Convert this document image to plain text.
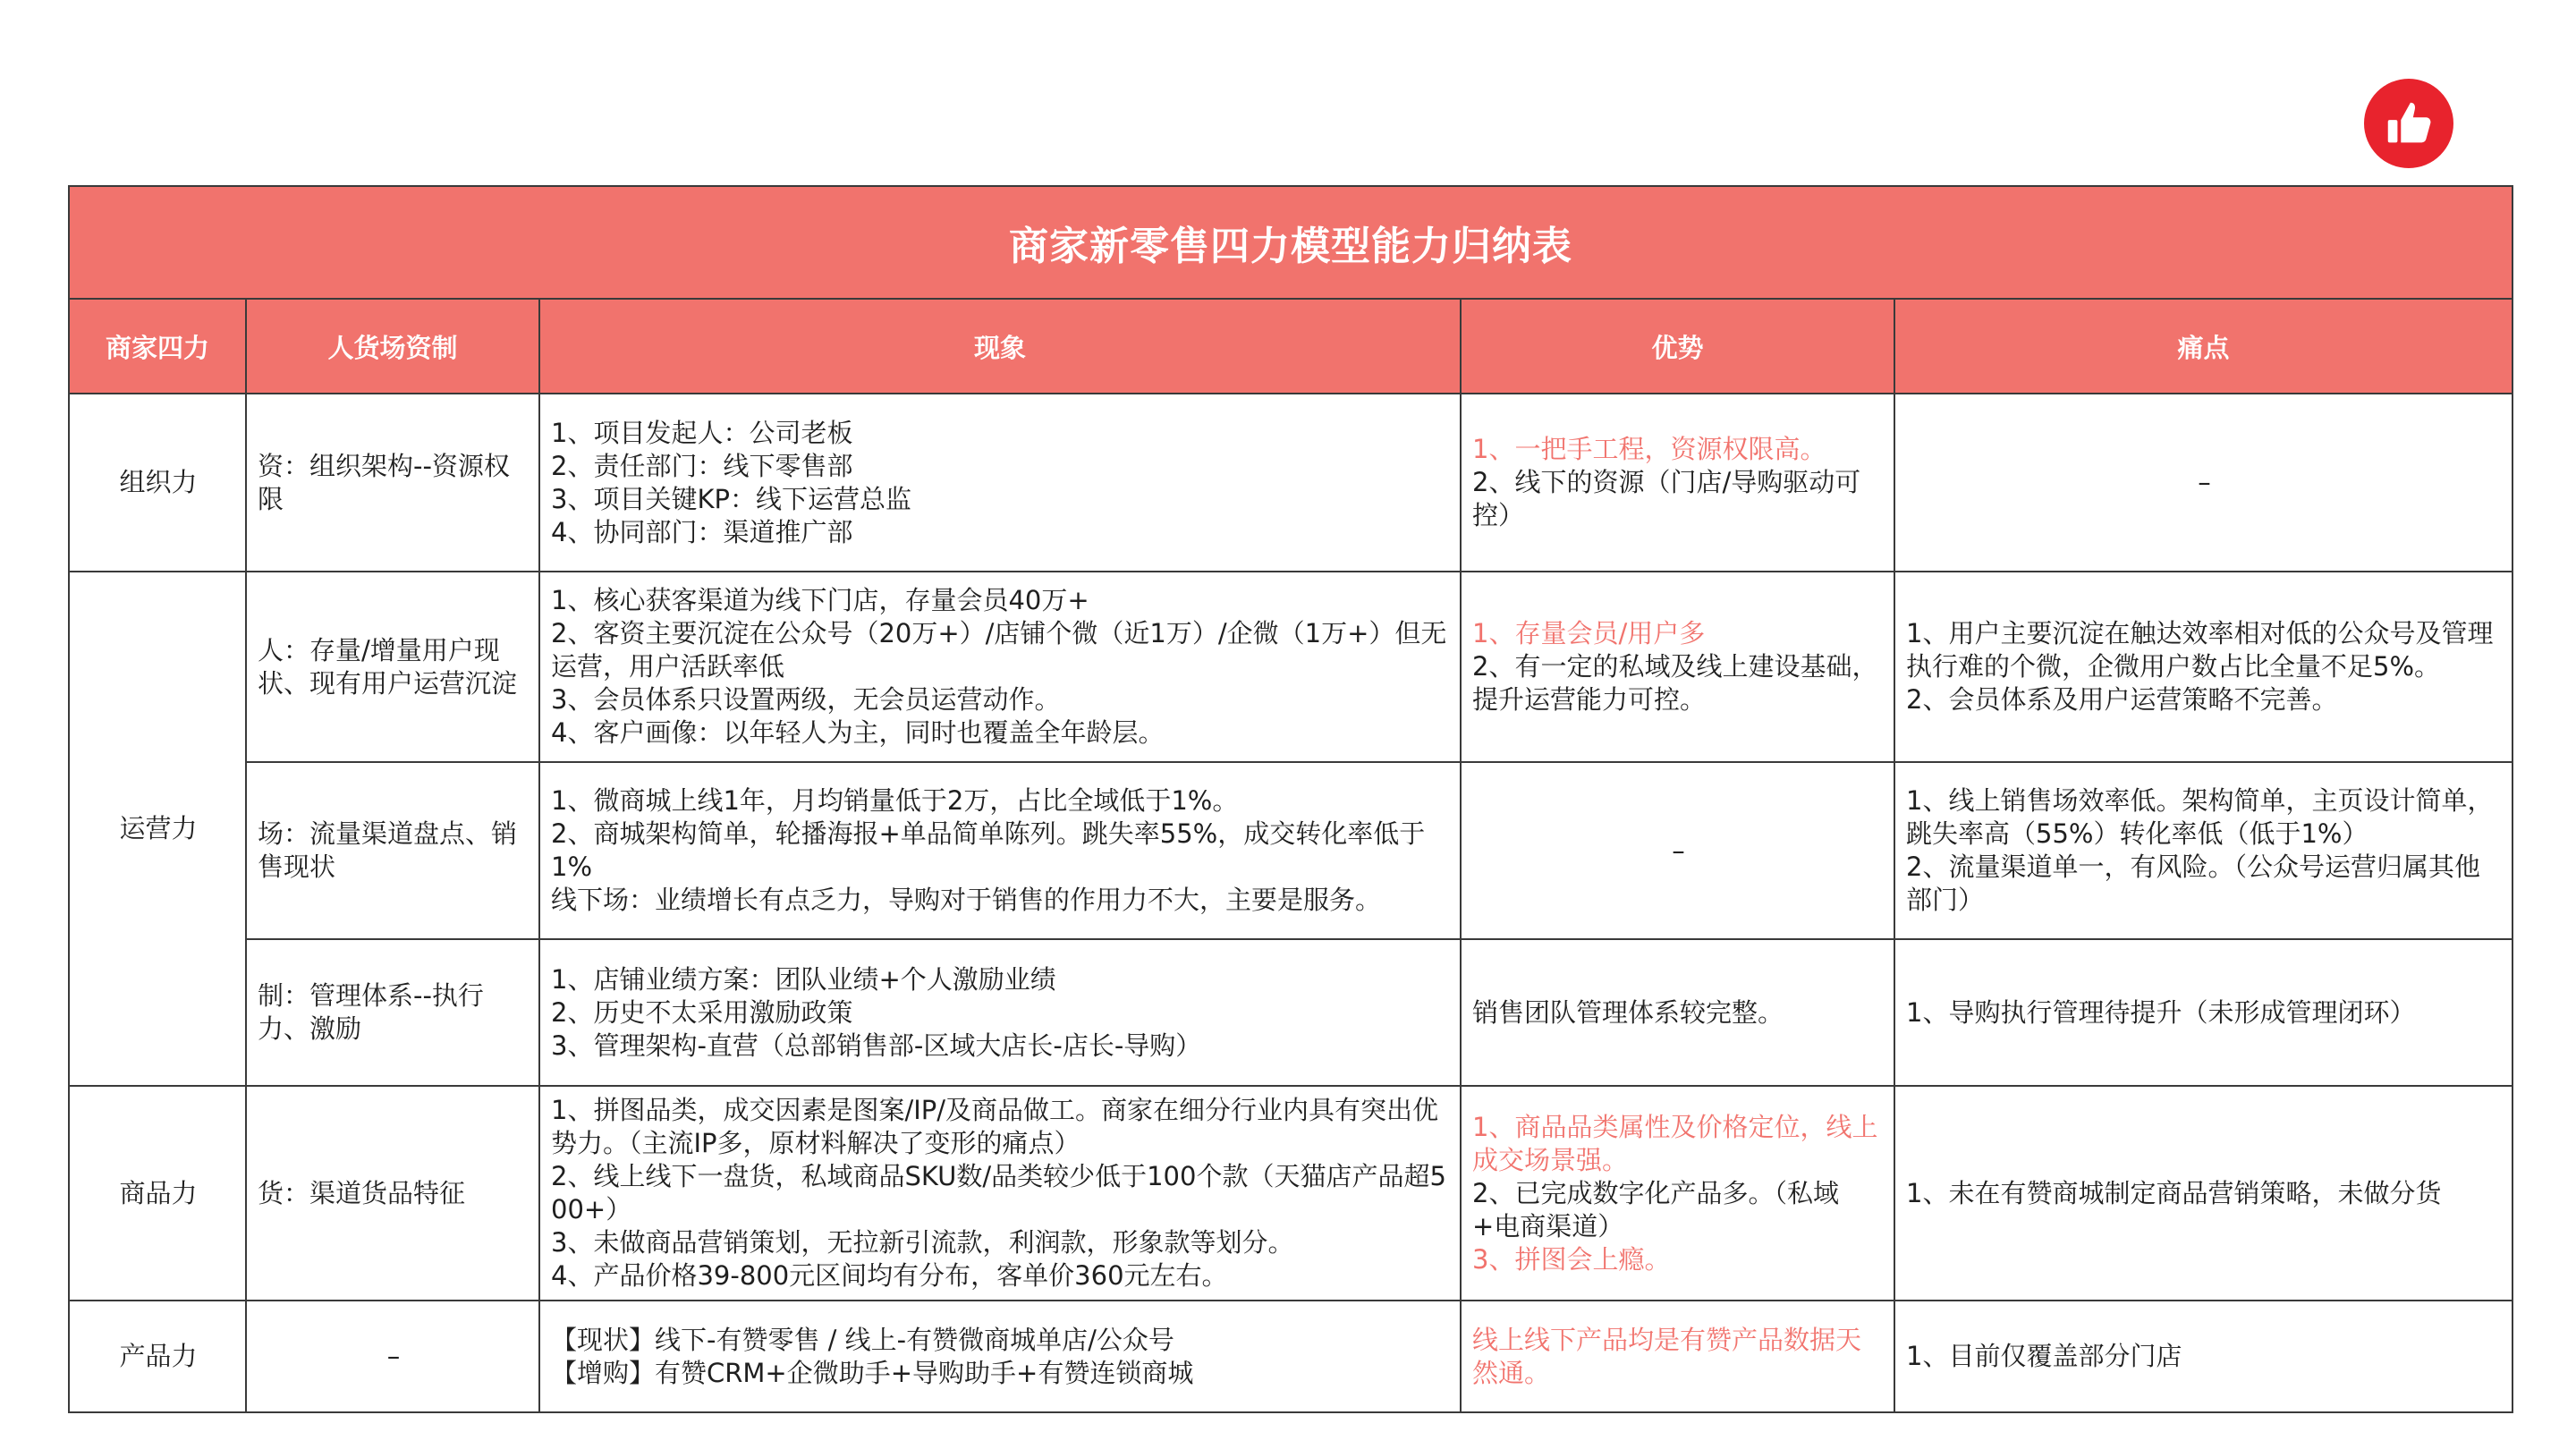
商家新零售四力模型能力归纳表				
商家四力	人货场资制	现象	优势	痛点
组织力	资：组织架构--资源权限	1、项目发起人：公司老板
2、责任部门：线下零售部
3、项目关键KP：线下运营总监
4、协同部门：渠道推广部	1、一把手工程，资源权限高。
2、线下的资源（门店/导购驱动可控）	–

运营力	人：存量/增量用户现状、现有用户运营沉淀	1、核心获客渠道为线下门店，存量会员40万+
2、客资主要沉淀在公众号（20万+）/店铺个微（近1万）/企微（1万+）但无运营，用户活跃率低
3、会员体系只设置两级，无会员运营动作。
4、客户画像：以年轻人为主，同时也覆盖全年龄层。	1、存量会员/用户多
2、有一定的私域及线上建设基础，提升运营能力可控。	1、用户主要沉淀在触达效率相对低的公众号及管理执行难的个微，企微用户数占比全量不足5%。
2、会员体系及用户运营策略不完善。

	场：流量渠道盘点、销售现状	1、微商城上线1年，月均销量低于2万，占比全域低于1%。
2、商城架构简单，轮播海报+单品简单陈列。跳失率55%，成交转化率低于1%
线下场：业绩增长有点乏力，导购对于销售的作用力不大，主要是服务。	–	1、线上销售场效率低。架构简单，主页设计简单，跳失率高（55%）转化率低（低于1%）
2、流量渠道单一，有风险。（公众号运营归属其他部门）

	制：管理体系--执行力、激励	1、店铺业绩方案：团队业绩+个人激励业绩
2、历史不太采用激励政策
3、管理架构-直营（总部销售部-区域大店长-店长-导购）	销售团队管理体系较完整。	1、导购执行管理待提升（未形成管理闭环）

商品力	货：渠道货品特征	1、拼图品类，成交因素是图案/IP/及商品做工。商家在细分行业内具有突出优势力。（主流IP多，原材料解决了变形的痛点）
2、线上线下一盘货，私域商品SKU数/品类较少低于100个款（天猫店产品超500+）
3、未做商品营销策划，无拉新引流款，利润款，形象款等划分。
4、产品价格39-800元区间均有分布，客单价360元左右。	1、商品品类属性及价格定位，线上成交场景强。
2、已完成数字化产品多。（私域+电商渠道）
3、拼图会上瘾。	1、未在有赞商城制定商品营销策略，未做分货

产品力	–	【现状】线下-有赞零售 / 线上-有赞微商城单店/公众号
【增购】有赞CRM+企微助手+导购助手+有赞连锁商城	线上线下产品均是有赞产品数据天然通。	1、目前仅覆盖部分门店
